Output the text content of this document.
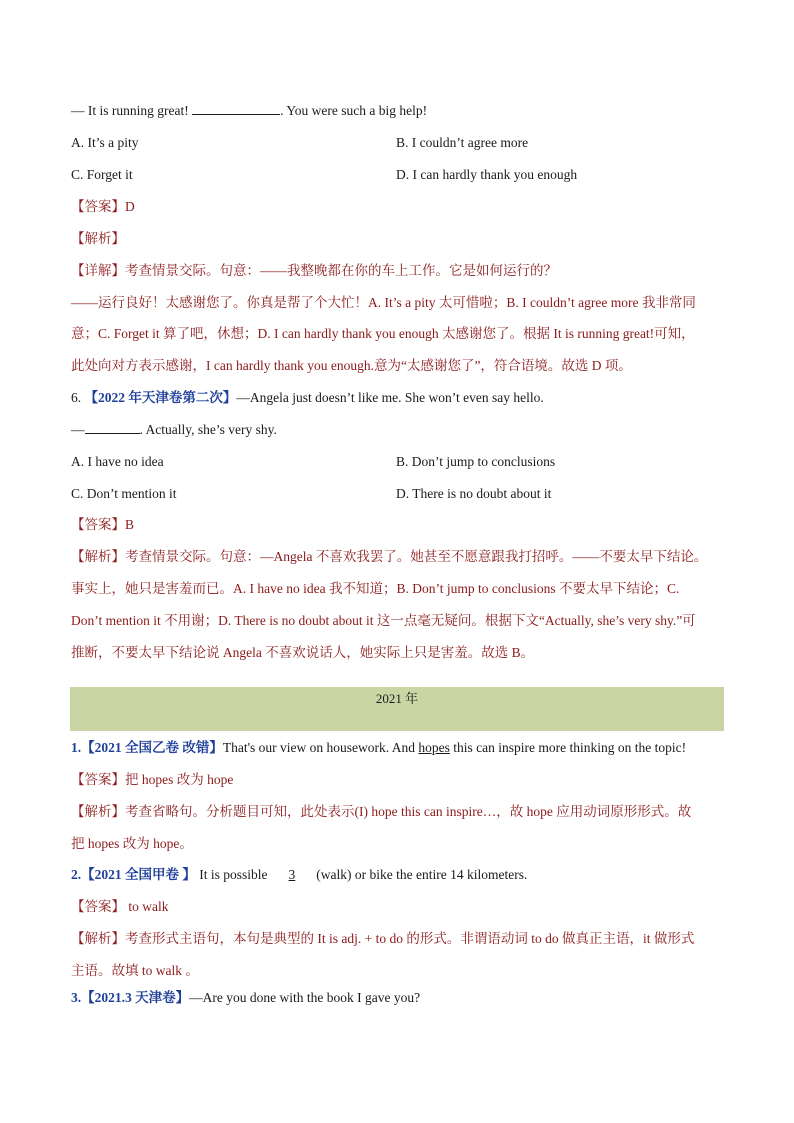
— It is running great!	. You were such a big help!
A. It’s a pity	B. I couldn’t agree more
C. Forget it	D. I can hardly thank you enough
【答案】D
【解析】
【详解】考查情景交际。句意：——我整晚都在你的车上工作。它是如何运行的？
——运行良好！太感谢您了。你真是帮了个大忙！A. It’s a pity 太可惜啦；B. I couldn’t agree more 我非常同
意；C. Forget it 算了吧，休想；D. I can hardly thank you enough 太感谢您了。根据 It is running great!可知，
此处向对方表示感谢，I can hardly thank you enough.意为“太感谢您了”，符合语境。故选 D 项。
6. 【2022 年天津卷第二次】—Angela just doesn’t like me. She won’t even say hello.
—	. Actually, she’s very shy.
A. I have no idea	B. Don’t jump to conclusions
C. Don’t mention it	D. There is no doubt about it
【答案】B
【解析】考查情景交际。句意：—Angela 不喜欢我罢了。她甚至不愿意跟我打招呼。——不要太早下结论。
事实上，她只是害羞而已。A. I have no idea 我不知道；B. Don’t jump to conclusions 不要太早下结论；C.
Don’t mention it 不用谢；D. There is no doubt about it 这一点毫无疑问。根据下文“Actually, she’s very shy.”可
推断，不要太早下结论说 Angela 不喜欢说话人，她实际上只是害羞。故选 B。
2021 年
1.【2021 全国乙卷 改错】That's our view on housework. And hopes this can inspire more thinking on the topic!
【答案】把 hopes 改为 hope
【解析】考查省略句。分析题目可知，此处表示(I) hope this can inspire…，故 hope 应用动词原形形式。故
把 hopes 改为 hope。
2.【2021 全国甲卷 】 It is possible 3 (walk) or bike the entire 14 kilometers.
【答案】 to walk
【解析】考查形式主语句，本句是典型的 It is adj. + to do 的形式。非谓语动词 to do 做真正主语，it 做形式
主语。故填 to walk 。
3.【2021.3 天津卷】—Are you done with the book I gave you?
